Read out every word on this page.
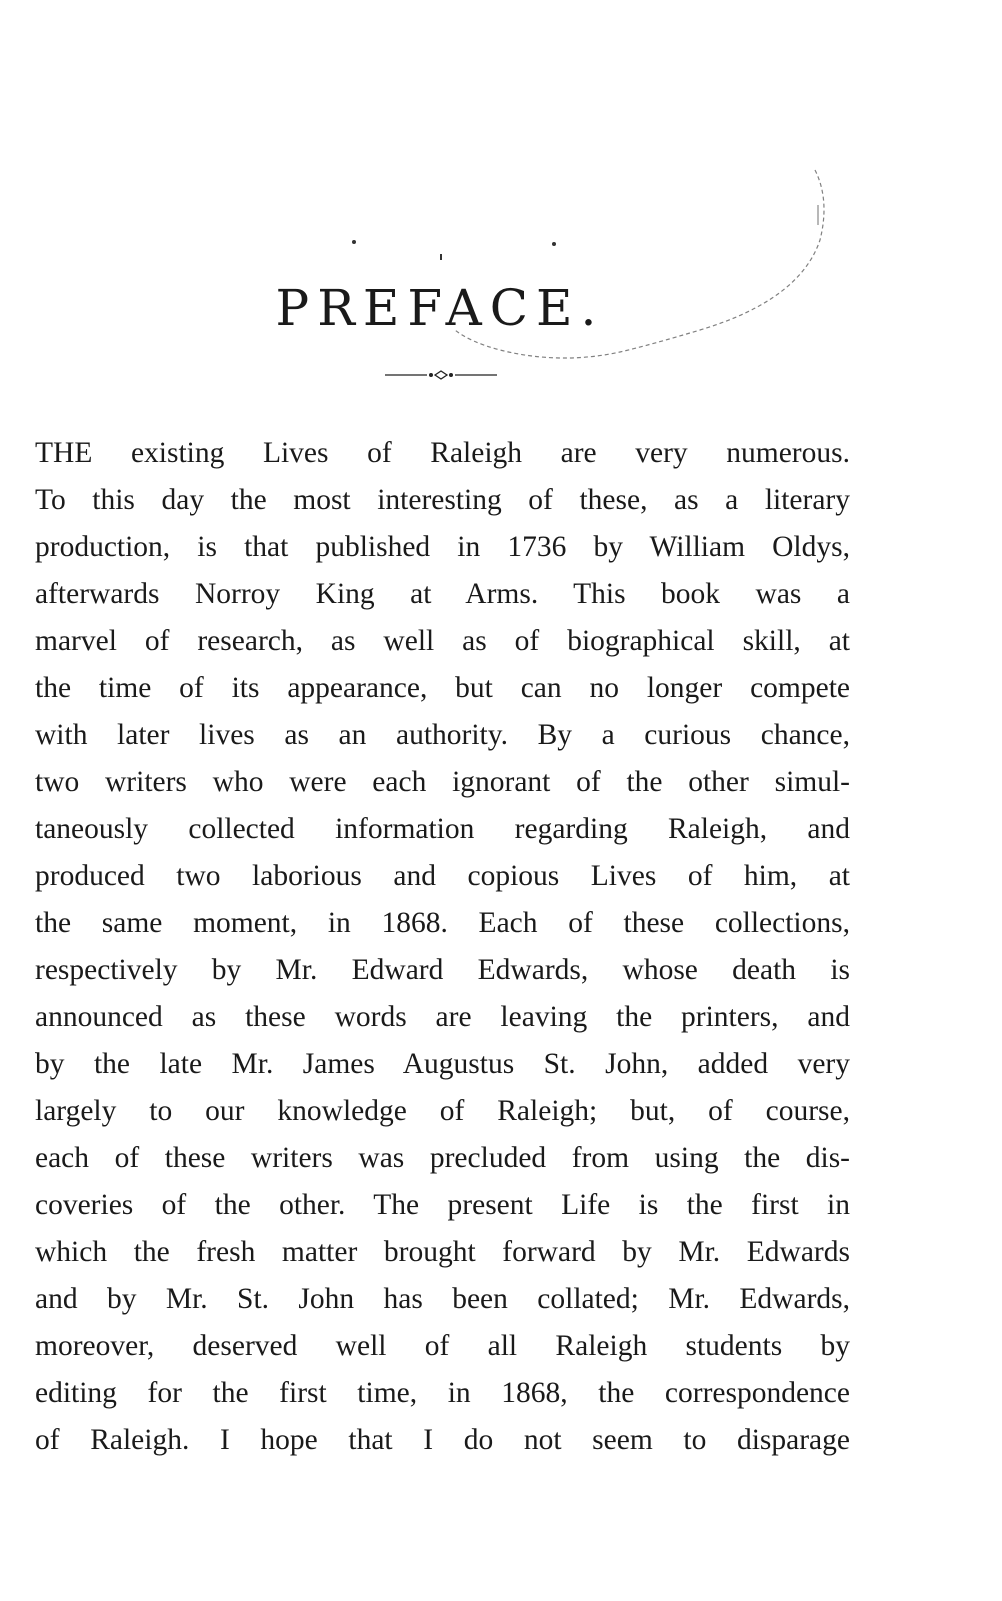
PREFACE.
THE existing Lives of Raleigh are very numerous.
To this day the most interesting of these, as a literary
production, is that published in 1736 by William Oldys,
afterwards Norroy King at Arms. This book was a
marvel of research, as well as of biographical skill, at
the time of its appearance, but can no longer compete
with later lives as an authority. By a curious chance,
two writers who were each ignorant of the other simul-
taneously collected information regarding Raleigh, and
produced two laborious and copious Lives of him, at
the same moment, in 1868. Each of these collections,
respectively by Mr. Edward Edwards, whose death is
announced as these words are leaving the printers, and
by the late Mr. James Augustus St. John, added very
largely to our knowledge of Raleigh; but, of course,
each of these writers was precluded from using the dis-
coveries of the other. The present Life is the first in
which the fresh matter brought forward by Mr. Edwards
and by Mr. St. John has been collated; Mr. Edwards,
moreover, deserved well of all Raleigh students by
editing for the first time, in 1868, the correspondence
of Raleigh. I hope that I do not seem to disparage
